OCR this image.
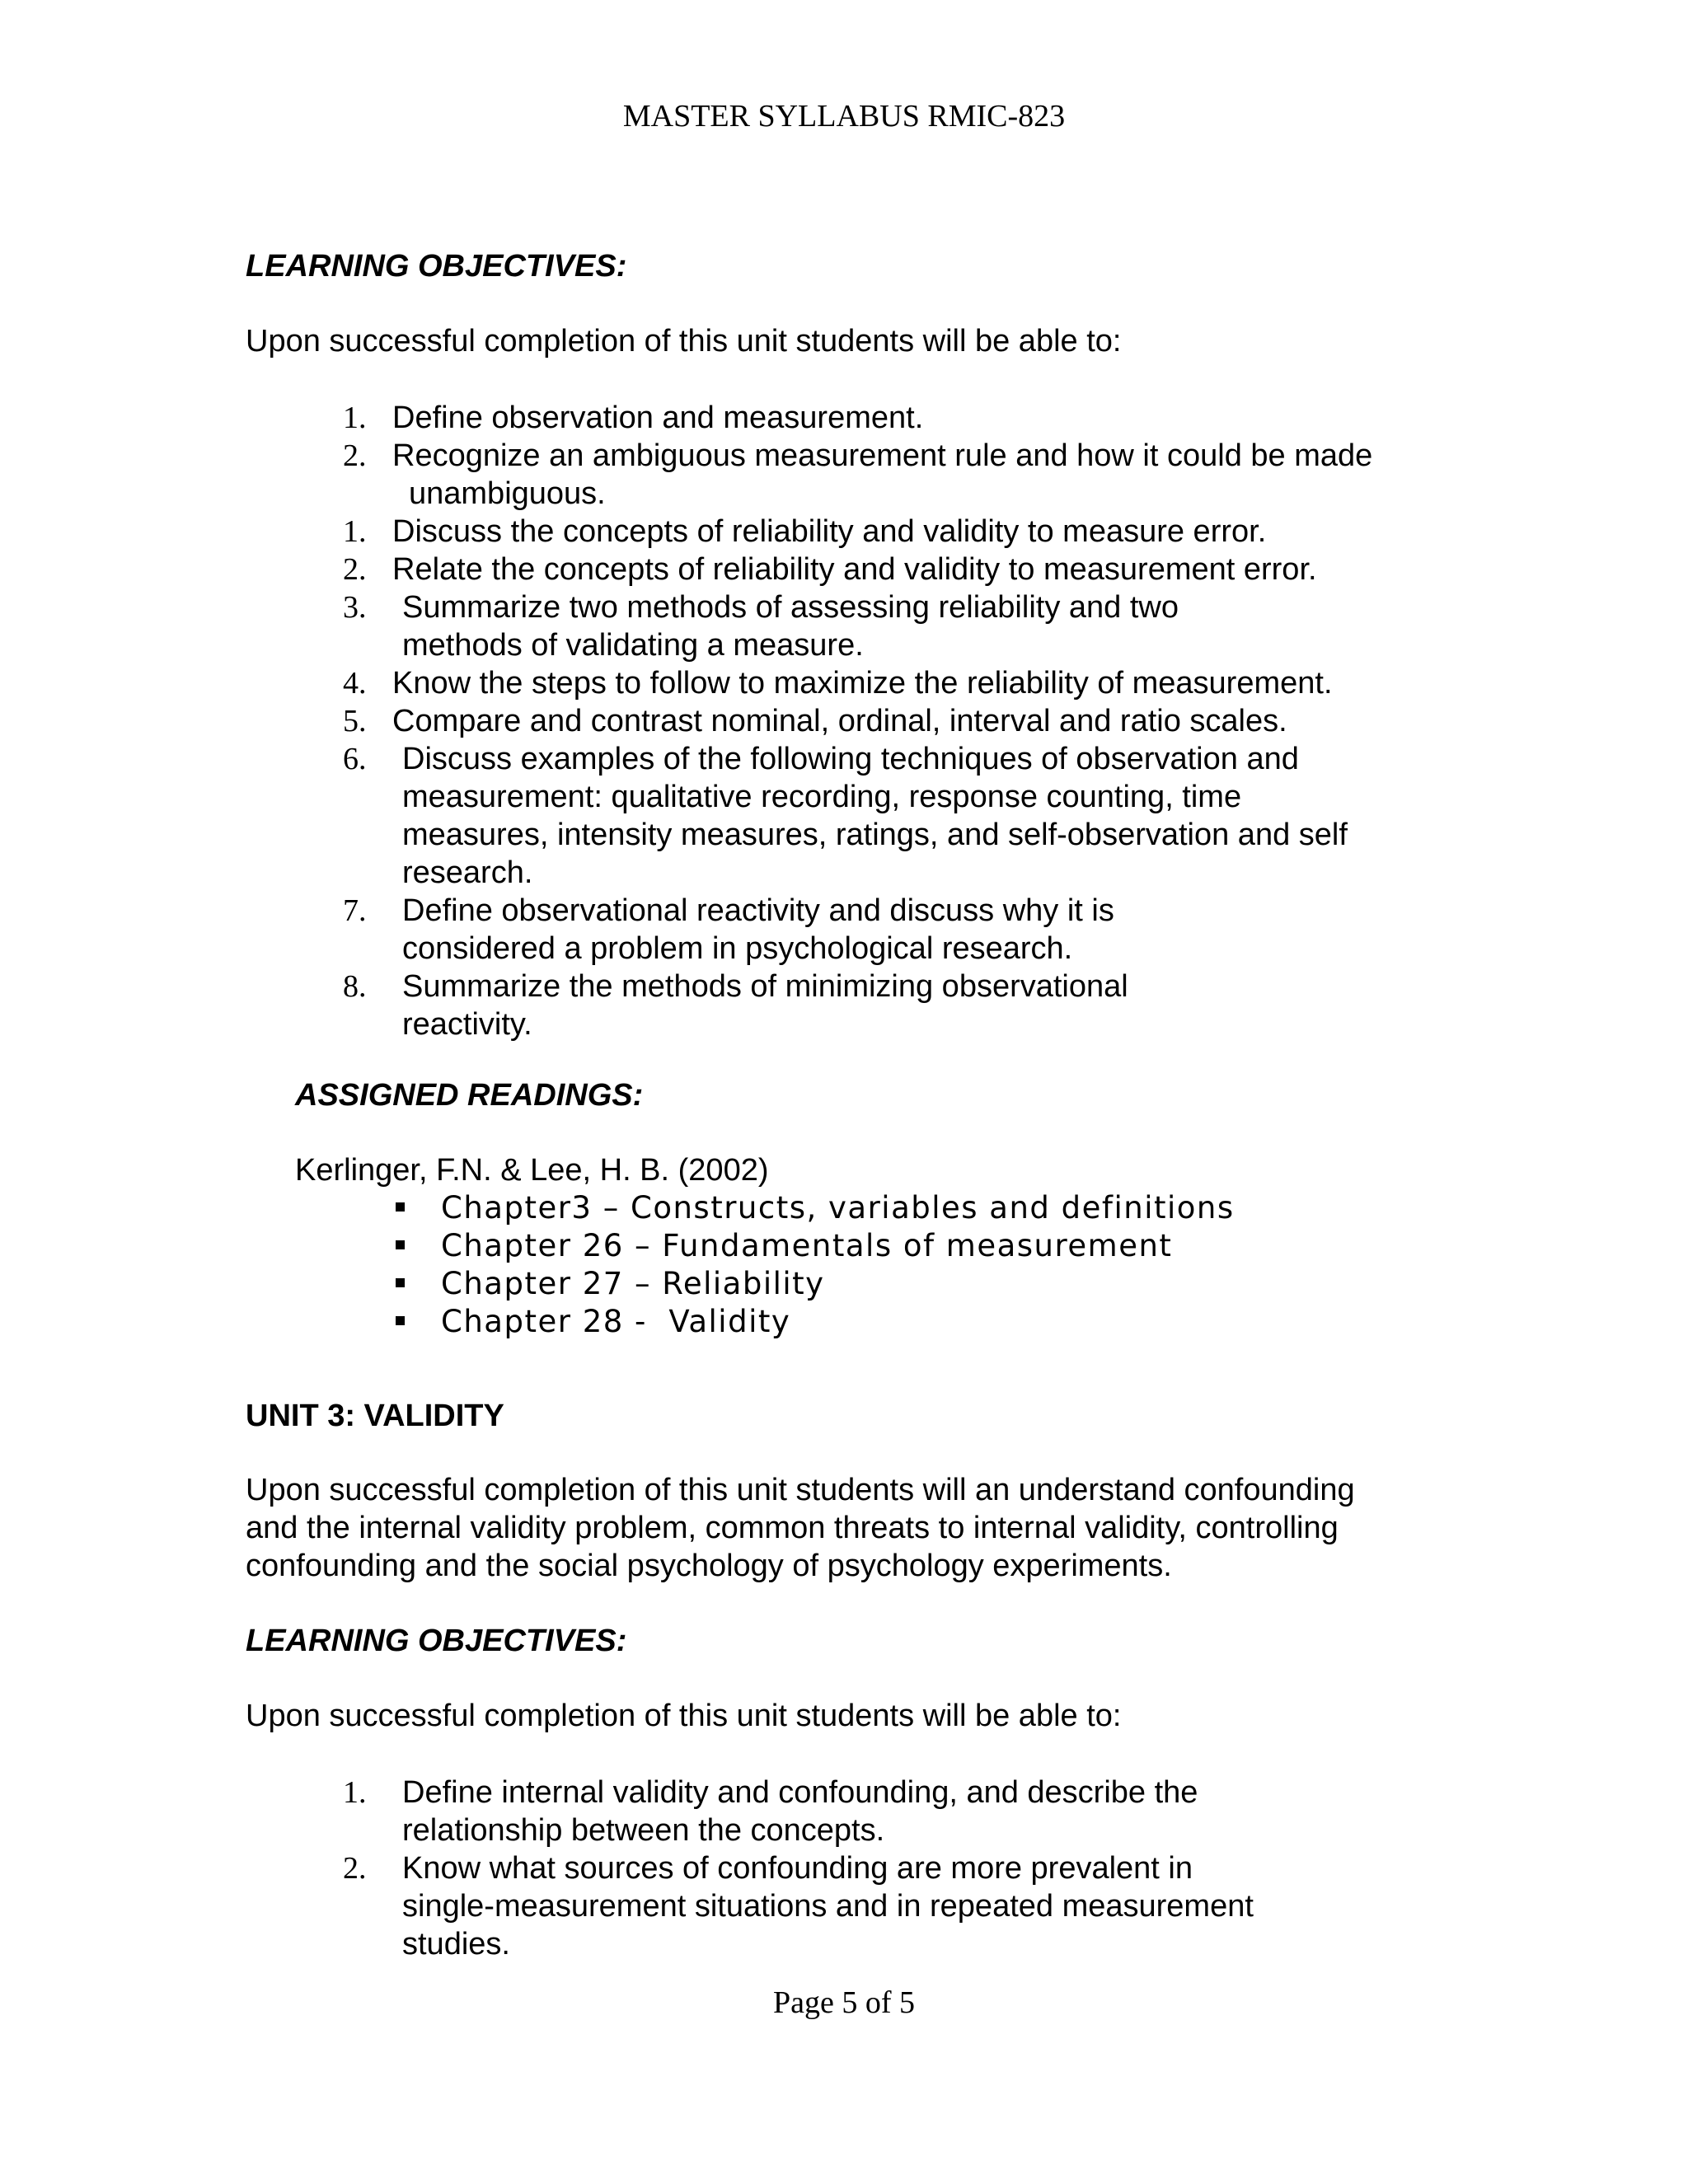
MASTER SYLLABUS RMIC-823
LEARNING OBJECTIVES:
Upon successful completion of this unit students will be able to:
1. Define observation and measurement.
2. Recognize an ambiguous measurement rule and how it could be made
unambiguous.
1. Discuss the concepts of reliability and validity to measure error.
2. Relate the concepts of reliability and validity to measurement error.
3. Summarize two methods of assessing reliability and two
methods of validating a measure.
4. Know the steps to follow to maximize the reliability of measurement.
5. Compare and contrast nominal, ordinal, interval and ratio scales.
6. Discuss examples of the following techniques of observation and
measurement: qualitative recording, response counting, time
measures, intensity measures, ratings, and self-observation and self
research.
7. Define observational reactivity and discuss why it is
considered a problem in psychological research.
8. Summarize the methods of minimizing observational
reactivity.
ASSIGNED READINGS:
Kerlinger, F.N. & Lee, H. B. (2002)
Chapter3 – Constructs, variables and definitions
Chapter 26 – Fundamentals of measurement
Chapter 27 – Reliability
Chapter 28 -  Validity
UNIT 3: VALIDITY
Upon successful completion of this unit students will an understand confounding
and the internal validity problem, common threats to internal validity, controlling
confounding and the social psychology of psychology experiments.
LEARNING OBJECTIVES:
Upon successful completion of this unit students will be able to:
1. Define internal validity and confounding, and describe the
relationship between the concepts.
2. Know what sources of confounding are more prevalent in
single-measurement situations and in repeated measurement
studies.
Page 5 of 5
